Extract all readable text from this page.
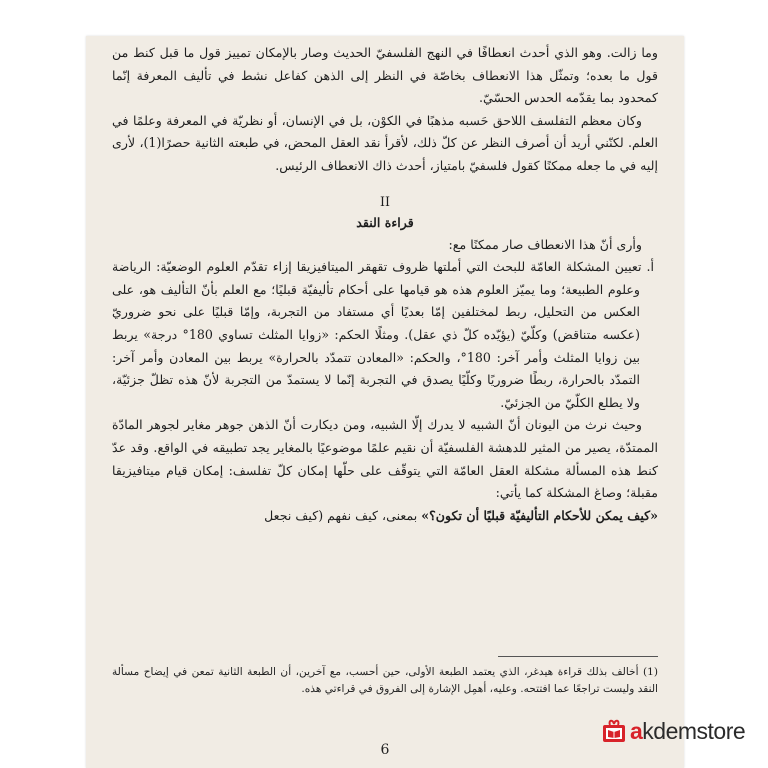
وما زالت. وهو الذي أحدث انعطافًا في النهج الفلسفيّ الحديث وصار بالإمكان تمييز قول ما قبل كنط من قول ما بعده؛ وتمثّل هذا الانعطاف بخاصّة في النظر إلى الذهن كفاعل نشط في تأليف المعرفة إنّما كمحدود بما يقدّمه الحدس الحسّيّ.

وكان معظم التفلسف اللاحق حَسبه مذهبًا في الكوْن، بل في الإنسان، أو نظريّة في المعرفة وعلمًا في العلم. لكنّني أريد أن أصرف النظر عن كلّ ذلك، لأقرأ نقد العقل المحض، في طبعته الثانية حصرًا(1)، لأرى إليه في ما جعله ممكنًا كقول فلسفيّ بامتياز، أحدث ذاك الانعطاف الرئيس.

II
قراءة النقد

وأرى أنّ هذا الانعطاف صار ممكنًا مع:

أ. تعيين المشكلة العامّة للبحث التي أملتها ظروف تقهقر الميتافيزيقا إزاء تقدّم العلوم الوضعيّة: الرياضة وعلوم الطبيعة؛ وما يميّز العلوم هذه هو قيامها على أحكام تأليفيّة قبليًا؛ مع العلم بأنّ التأليف هو، على العكس من التحليل، ربط لمختلفين إمّا بعديًا أي مستفاد من التجربة، وإمّا قبليًا على نحو ضروريّ (عكسه متناقض) وكلّيّ (يؤيّده كلّ ذي عقل). ومثلًا الحكم: «زوايا المثلث تساوي 180° درجة» يربط بين زوايا المثلث وأمر آخر: 180°، والحكم: «المعادن تتمدّد بالحرارة» يربط بين المعادن وأمر آخر: التمدّد بالحرارة، ربطًا ضروريًا وكلّيًا يصدق في التجربة إنّما لا يستمدّ من التجربة لأنّ هذه تظلّ جزئيّة، ولا يطلع الكلّيّ من الجزئيّ.

وحيث نرث من اليونان أنّ الشبيه لا يدرك إلّا الشبيه، ومن ديكارت أنّ الذهن جوهر مغاير لجوهر المادّة الممتدّة، يصير من المثير للدهشة الفلسفيّة أن نقيم علمًا موضوعيًا بالمغاير يجد تطبيقه في الواقع. وقد عدّ كنط هذه المسألة مشكلة العقل العامّة التي يتوقّف على حلّها إمكان كلّ تفلسف: إمكان قيام ميتافيزيقا مقبلة؛ وصاغ المشكلة كما يأتي:

«كيف يمكن للأحكام التأليفيّة قبليًا أن تكون؟» بمعنى، كيف نفهم (كيف نجعل

(1) أخالف بذلك قراءة هيدغر، الذي يعتمد الطبعة الأولى، حين أحسب، مع آخرين، أن الطبعة الثانية تمعن في إيضاح مسألة النقد وليست تراجعًا عما افتتحه. وعليه، أهمِل الإشارة إلى الفروق في قراءتي هذه.
6
akdemstore
